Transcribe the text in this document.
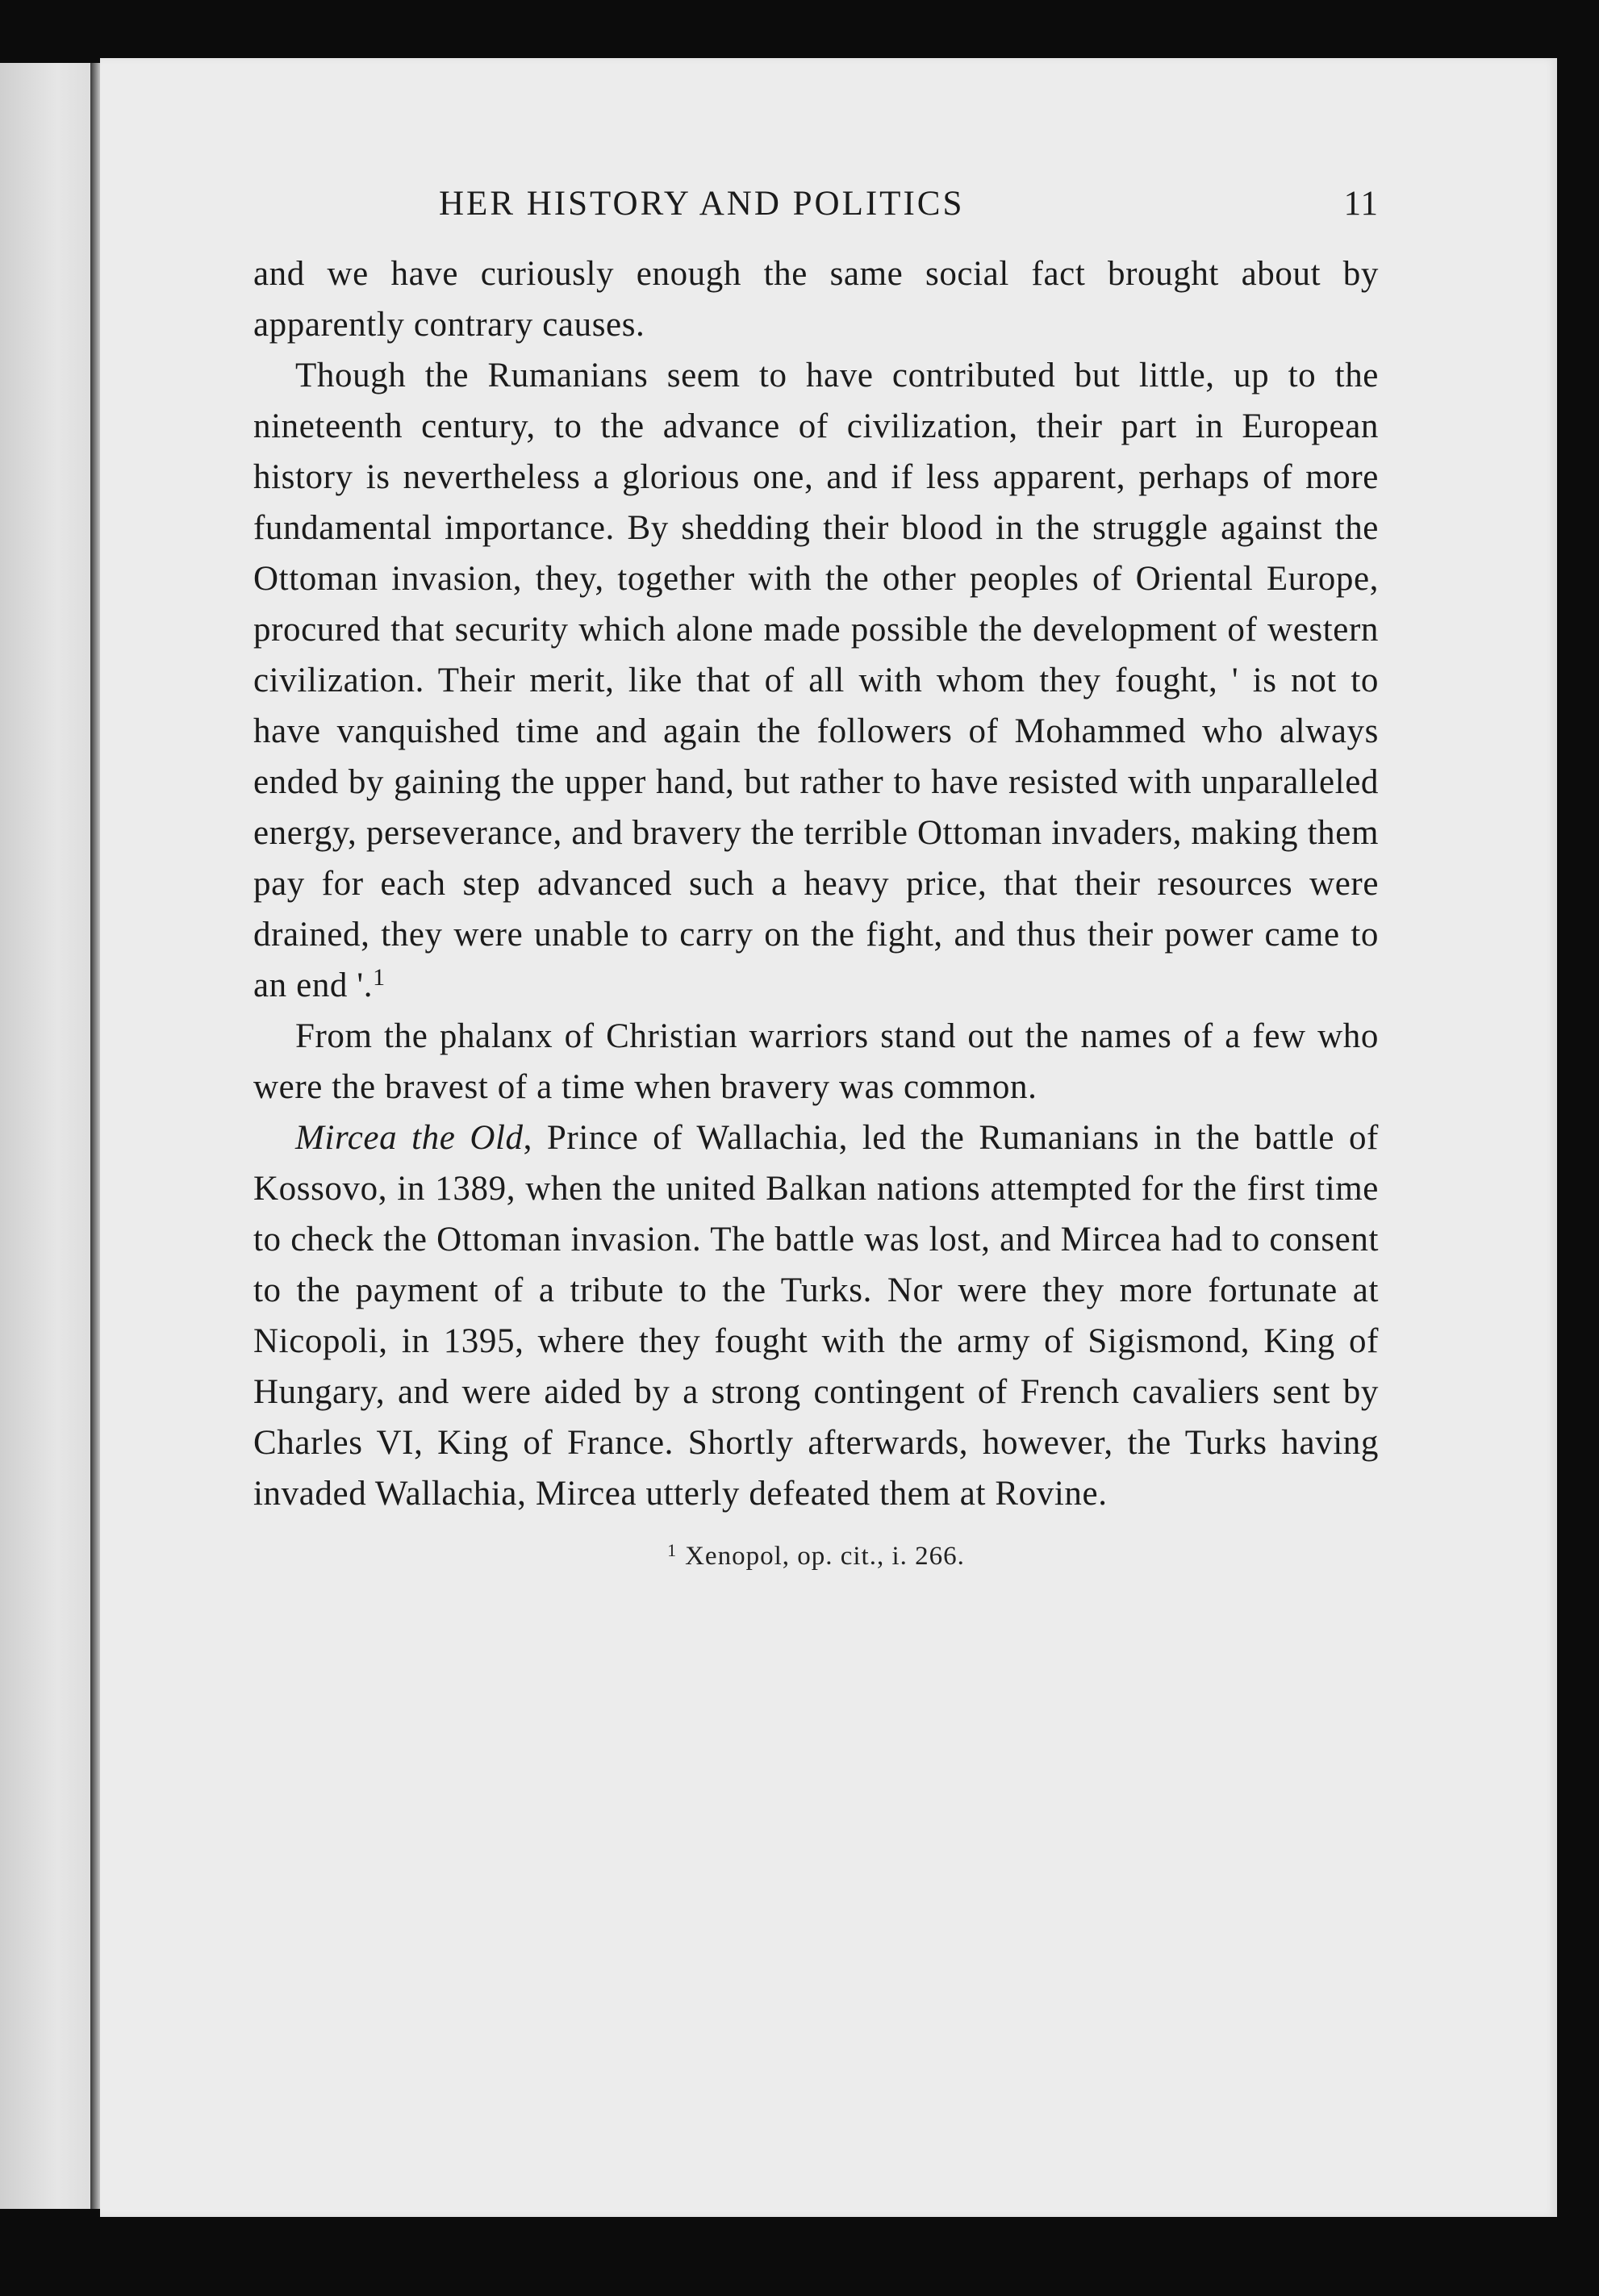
HER HISTORY AND POLITICS	11

and we have curiously enough the same social fact brought about by apparently contrary causes.

Though the Rumanians seem to have contributed but little, up to the nineteenth century, to the advance of civilization, their part in European history is nevertheless a glorious one, and if less apparent, perhaps of more fundamental importance. By shedding their blood in the struggle against the Ottoman invasion, they, together with the other peoples of Oriental Europe, procured that security which alone made possible the development of western civilization. Their merit, like that of all with whom they fought, ' is not to have vanquished time and again the followers of Mohammed who always ended by gaining the upper hand, but rather to have resisted with unparalleled energy, perseverance, and bravery the terrible Ottoman invaders, making them pay for each step advanced such a heavy price, that their resources were drained, they were unable to carry on the fight, and thus their power came to an end '.$^1$

From the phalanx of Christian warriors stand out the names of a few who were the bravest of a time when bravery was common.

Mircea the Old, Prince of Wallachia, led the Rumanians in the battle of Kossovo, in 1389, when the united Balkan nations attempted for the first time to check the Ottoman invasion. The battle was lost, and Mircea had to consent to the payment of a tribute to the Turks. Nor were they more fortunate at Nicopoli, in 1395, where they fought with the army of Sigismond, King of Hungary, and were aided by a strong contingent of French cavaliers sent by Charles VI, King of France. Shortly afterwards, however, the Turks having invaded Wallachia, Mircea utterly defeated them at Rovine.

$^1$ Xenopol, op. cit., i. 266.
